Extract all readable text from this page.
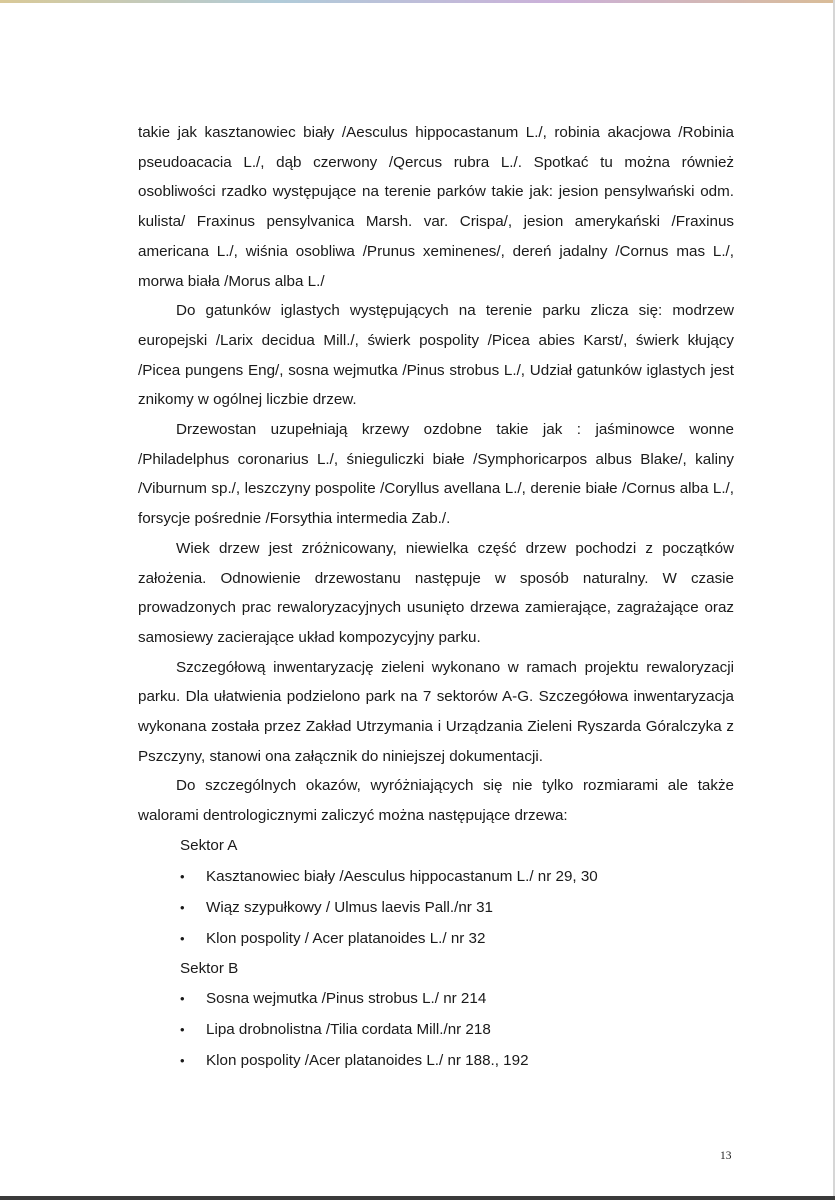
takie jak kasztanowiec biały /Aesculus hippocastanum L./, robinia akacjowa /Robinia pseudoacacia L./, dąb czerwony /Qercus rubra L./. Spotkać tu można również osobliwości rzadko występujące na terenie parków takie jak: jesion pensylwański odm. kulista/ Fraxinus pensylvanica Marsh. var. Crispa/, jesion amerykański /Fraxinus americana L./, wiśnia osobliwa /Prunus xeminenes/, dereń jadalny /Cornus mas L./, morwa biała /Morus alba L./

Do gatunków iglastych występujących na terenie parku zlicza się: modrzew europejski /Larix decidua Mill./, świerk pospolity /Picea abies Karst/, świerk kłujący /Picea pungens Eng/, sosna wejmutka /Pinus strobus L./, Udział gatunków iglastych jest znikomy w ogólnej liczbie drzew.

Drzewostan uzupełniają krzewy ozdobne takie jak : jaśminowce wonne /Philadelphus coronarius L./, śnieguliczki białe /Symphoricarpos albus Blake/, kaliny /Viburnum sp./, leszczyny pospolite /Coryllus avellana L./, derenie białe /Cornus alba L./, forsycje pośrednie /Forsythia intermedia Zab./.

Wiek drzew jest zróżnicowany, niewielka część drzew pochodzi z początków założenia. Odnowienie drzewostanu następuje w sposób naturalny. W czasie prowadzonych prac rewaloryzacyjnych usunięto drzewa zamierające, zagrażające oraz samosiewy zacierające układ kompozycyjny parku.

Szczegółową inwentaryzację zieleni wykonano w ramach projektu rewaloryzacji parku. Dla ułatwienia podzielono park na 7 sektorów A-G. Szczegółowa inwentaryzacja wykonana została przez Zakład Utrzymania i Urządzania Zieleni Ryszarda Góralczyka z Pszczyny, stanowi ona załącznik do niniejszej dokumentacji.

Do szczególnych okazów, wyróżniających się nie tylko rozmiarami ale także walorami dentrologicznymi zaliczyć można następujące drzewa:

Sektor A

• Kasztanowiec biały /Aesculus hippocastanum L./ nr 29, 30
• Wiąz szypułkowy / Ulmus laevis Pall./nr 31
• Klon pospolity / Acer platanoides L./ nr 32

Sektor B

• Sosna wejmutka /Pinus strobus L./ nr 214
• Lipa drobnolistna /Tilia cordata Mill./nr 218
• Klon pospolity /Acer platanoides L./ nr 188., 192
13
